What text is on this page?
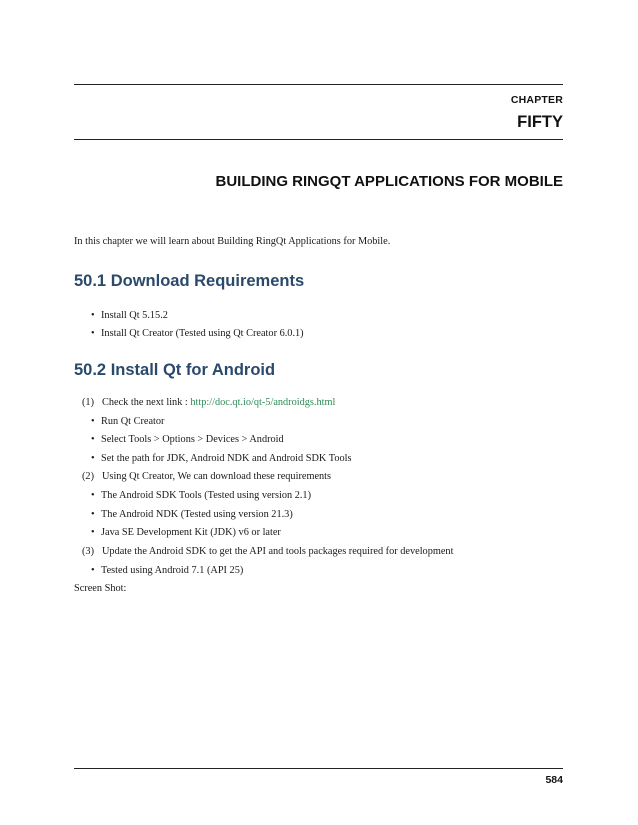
CHAPTER
FIFTY
BUILDING RINGQT APPLICATIONS FOR MOBILE
In this chapter we will learn about Building RingQt Applications for Mobile.
50.1 Download Requirements
• Install Qt 5.15.2
• Install Qt Creator (Tested using Qt Creator 6.0.1)
50.2 Install Qt for Android
(1) Check the next link : http://doc.qt.io/qt-5/androidgs.html
• Run Qt Creator
• Select Tools > Options > Devices > Android
• Set the path for JDK, Android NDK and Android SDK Tools
(2) Using Qt Creator, We can download these requirements
• The Android SDK Tools (Tested using version 2.1)
• The Android NDK (Tested using version 21.3)
• Java SE Development Kit (JDK) v6 or later
(3) Update the Android SDK to get the API and tools packages required for development
• Tested using Android 7.1 (API 25)
Screen Shot:
584
